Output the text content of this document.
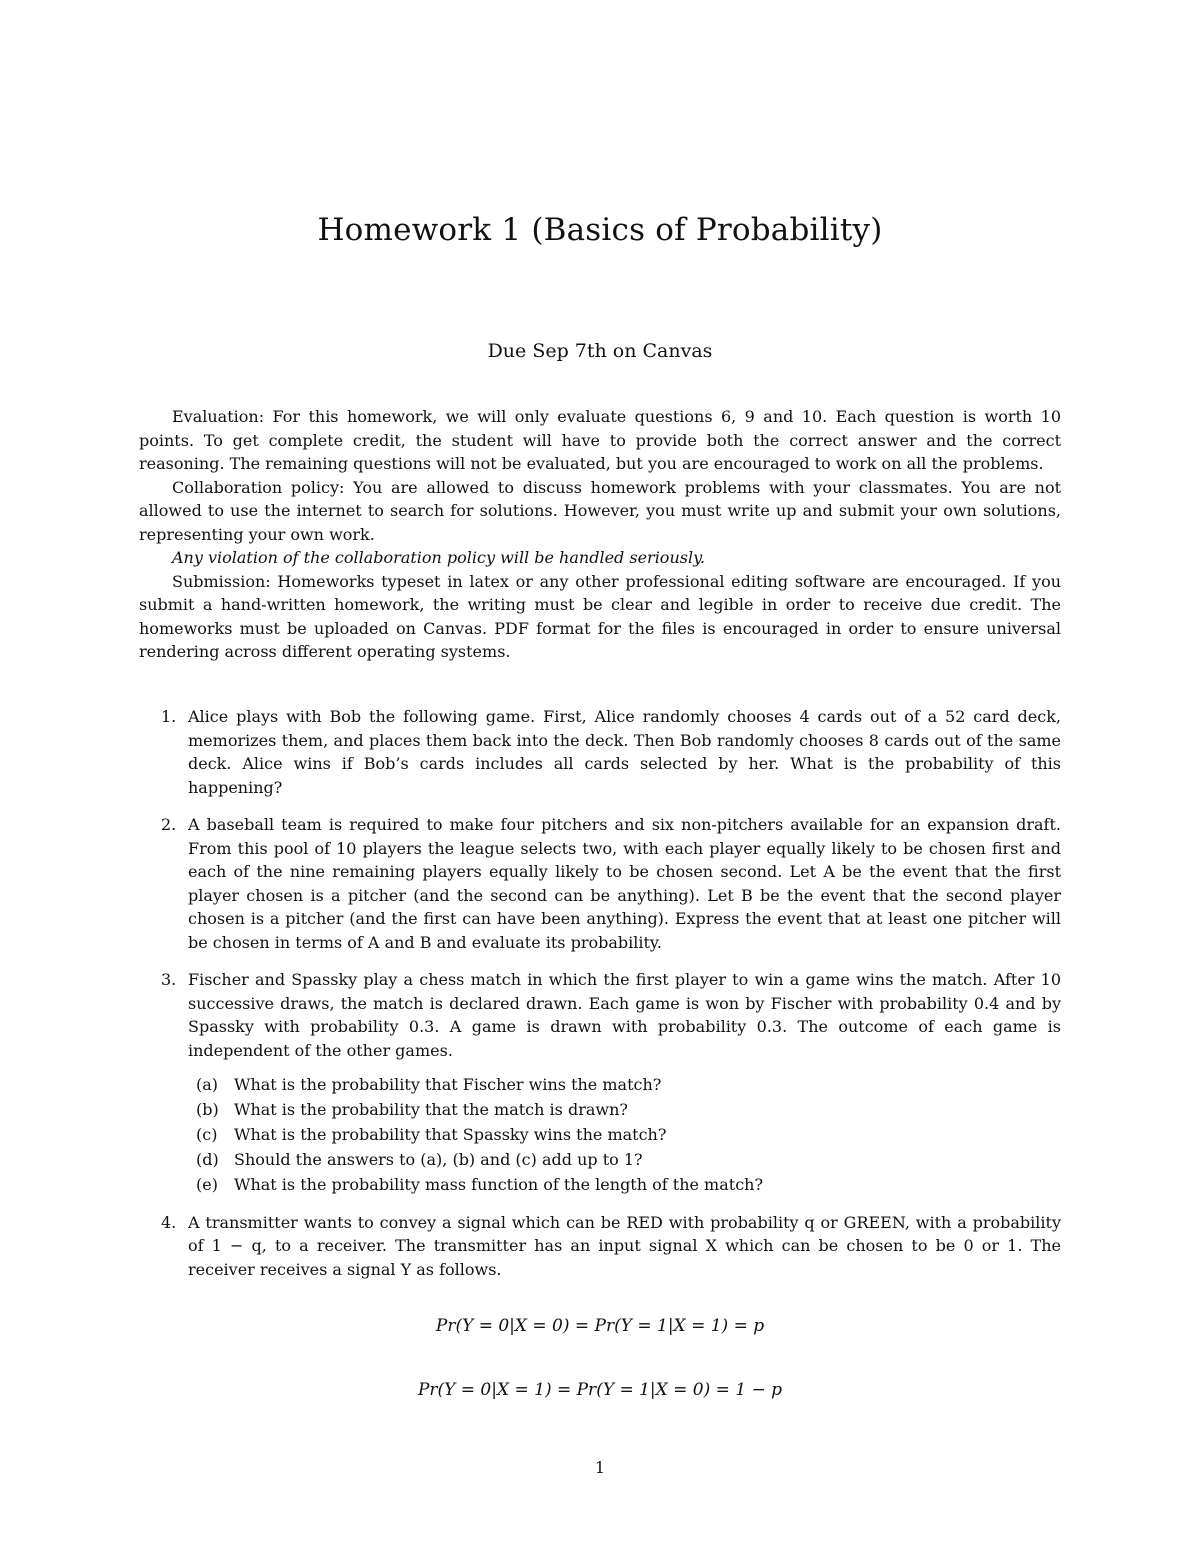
Homework 1 (Basics of Probability)
Due Sep 7th on Canvas

Evaluation: For this homework, we will only evaluate questions 6, 9 and 10. Each question is worth 10 points. To get complete credit, the student will have to provide both the correct answer and the correct reasoning. The remaining questions will not be evaluated, but you are encouraged to work on all the problems.

Collaboration policy: You are allowed to discuss homework problems with your classmates. You are not allowed to use the internet to search for solutions. However, you must write up and submit your own solutions, representing your own work.

Any violation of the collaboration policy will be handled seriously.

Submission: Homeworks typeset in latex or any other professional editing software are encouraged. If you submit a hand-written homework, the writing must be clear and legible in order to receive due credit. The homeworks must be uploaded on Canvas. PDF format for the files is encouraged in order to ensure universal rendering across different operating systems.

1. Alice plays with Bob the following game. First, Alice randomly chooses 4 cards out of a 52 card deck, memorizes them, and places them back into the deck. Then Bob randomly chooses 8 cards out of the same deck. Alice wins if Bob’s cards includes all cards selected by her. What is the probability of this happening?
2. A baseball team is required to make four pitchers and six non-pitchers available for an expansion draft. From this pool of 10 players the league selects two, with each player equally likely to be chosen first and each of the nine remaining players equally likely to be chosen second. Let A be the event that the first player chosen is a pitcher (and the second can be anything). Let B be the event that the second player chosen is a pitcher (and the first can have been anything). Express the event that at least one pitcher will be chosen in terms of A and B and evaluate its probability.
3. Fischer and Spassky play a chess match in which the first player to win a game wins the match. After 10 successive draws, the match is declared drawn. Each game is won by Fischer with probability 0.4 and by Spassky with probability 0.3. A game is drawn with probability 0.3. The outcome of each game is independent of the other games.
(a) What is the probability that Fischer wins the match?
(b) What is the probability that the match is drawn?
(c) What is the probability that Spassky wins the match?
(d) Should the answers to (a), (b) and (c) add up to 1?
(e) What is the probability mass function of the length of the match?
4. A transmitter wants to convey a signal which can be RED with probability q or GREEN, with a probability of 1 − q, to a receiver. The transmitter has an input signal X which can be chosen to be 0 or 1. The receiver receives a signal Y as follows.
Pr(Y = 0|X = 0) = Pr(Y = 1|X = 1) = p
Pr(Y = 0|X = 1) = Pr(Y = 1|X = 0) = 1 − p
1
